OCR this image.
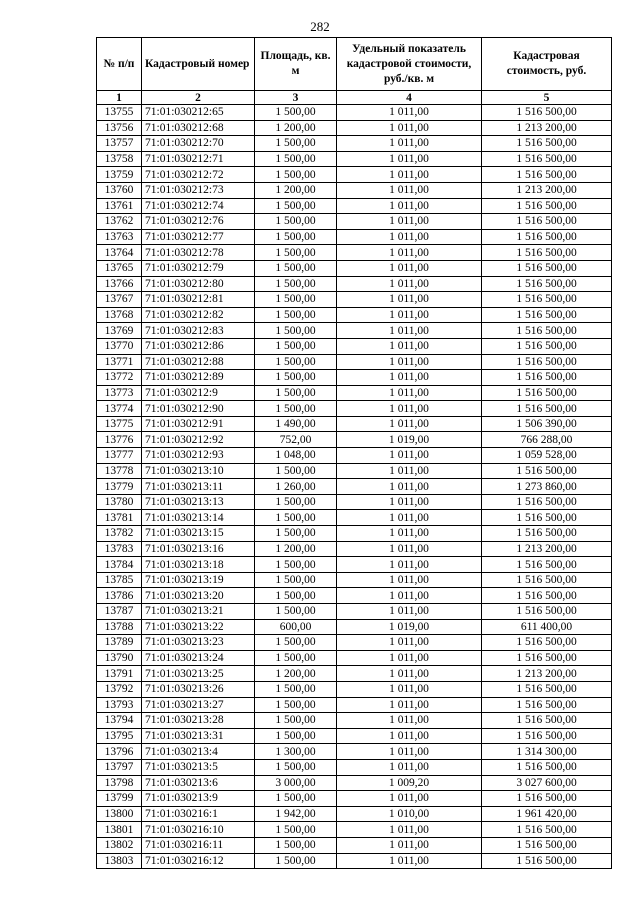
282
№ п/п	Кадастровый номер	Площадь, кв. м	Удельный показатель кадастровой стоимости, руб./кв. м	Кадастровая стоимость, руб.
1	2	3	4	5
13755	71:01:030212:65	1 500,00	1 011,00	1 516 500,00
13756	71:01:030212:68	1 200,00	1 011,00	1 213 200,00
13757	71:01:030212:70	1 500,00	1 011,00	1 516 500,00
13758	71:01:030212:71	1 500,00	1 011,00	1 516 500,00
13759	71:01:030212:72	1 500,00	1 011,00	1 516 500,00
13760	71:01:030212:73	1 200,00	1 011,00	1 213 200,00
13761	71:01:030212:74	1 500,00	1 011,00	1 516 500,00
13762	71:01:030212:76	1 500,00	1 011,00	1 516 500,00
13763	71:01:030212:77	1 500,00	1 011,00	1 516 500,00
13764	71:01:030212:78	1 500,00	1 011,00	1 516 500,00
13765	71:01:030212:79	1 500,00	1 011,00	1 516 500,00
13766	71:01:030212:80	1 500,00	1 011,00	1 516 500,00
13767	71:01:030212:81	1 500,00	1 011,00	1 516 500,00
13768	71:01:030212:82	1 500,00	1 011,00	1 516 500,00
13769	71:01:030212:83	1 500,00	1 011,00	1 516 500,00
13770	71:01:030212:86	1 500,00	1 011,00	1 516 500,00
13771	71:01:030212:88	1 500,00	1 011,00	1 516 500,00
13772	71:01:030212:89	1 500,00	1 011,00	1 516 500,00
13773	71:01:030212:9	1 500,00	1 011,00	1 516 500,00
13774	71:01:030212:90	1 500,00	1 011,00	1 516 500,00
13775	71:01:030212:91	1 490,00	1 011,00	1 506 390,00
13776	71:01:030212:92	752,00	1 019,00	766 288,00
13777	71:01:030212:93	1 048,00	1 011,00	1 059 528,00
13778	71:01:030213:10	1 500,00	1 011,00	1 516 500,00
13779	71:01:030213:11	1 260,00	1 011,00	1 273 860,00
13780	71:01:030213:13	1 500,00	1 011,00	1 516 500,00
13781	71:01:030213:14	1 500,00	1 011,00	1 516 500,00
13782	71:01:030213:15	1 500,00	1 011,00	1 516 500,00
13783	71:01:030213:16	1 200,00	1 011,00	1 213 200,00
13784	71:01:030213:18	1 500,00	1 011,00	1 516 500,00
13785	71:01:030213:19	1 500,00	1 011,00	1 516 500,00
13786	71:01:030213:20	1 500,00	1 011,00	1 516 500,00
13787	71:01:030213:21	1 500,00	1 011,00	1 516 500,00
13788	71:01:030213:22	600,00	1 019,00	611 400,00
13789	71:01:030213:23	1 500,00	1 011,00	1 516 500,00
13790	71:01:030213:24	1 500,00	1 011,00	1 516 500,00
13791	71:01:030213:25	1 200,00	1 011,00	1 213 200,00
13792	71:01:030213:26	1 500,00	1 011,00	1 516 500,00
13793	71:01:030213:27	1 500,00	1 011,00	1 516 500,00
13794	71:01:030213:28	1 500,00	1 011,00	1 516 500,00
13795	71:01:030213:31	1 500,00	1 011,00	1 516 500,00
13796	71:01:030213:4	1 300,00	1 011,00	1 314 300,00
13797	71:01:030213:5	1 500,00	1 011,00	1 516 500,00
13798	71:01:030213:6	3 000,00	1 009,20	3 027 600,00
13799	71:01:030213:9	1 500,00	1 011,00	1 516 500,00
13800	71:01:030216:1	1 942,00	1 010,00	1 961 420,00
13801	71:01:030216:10	1 500,00	1 011,00	1 516 500,00
13802	71:01:030216:11	1 500,00	1 011,00	1 516 500,00
13803	71:01:030216:12	1 500,00	1 011,00	1 516 500,00
